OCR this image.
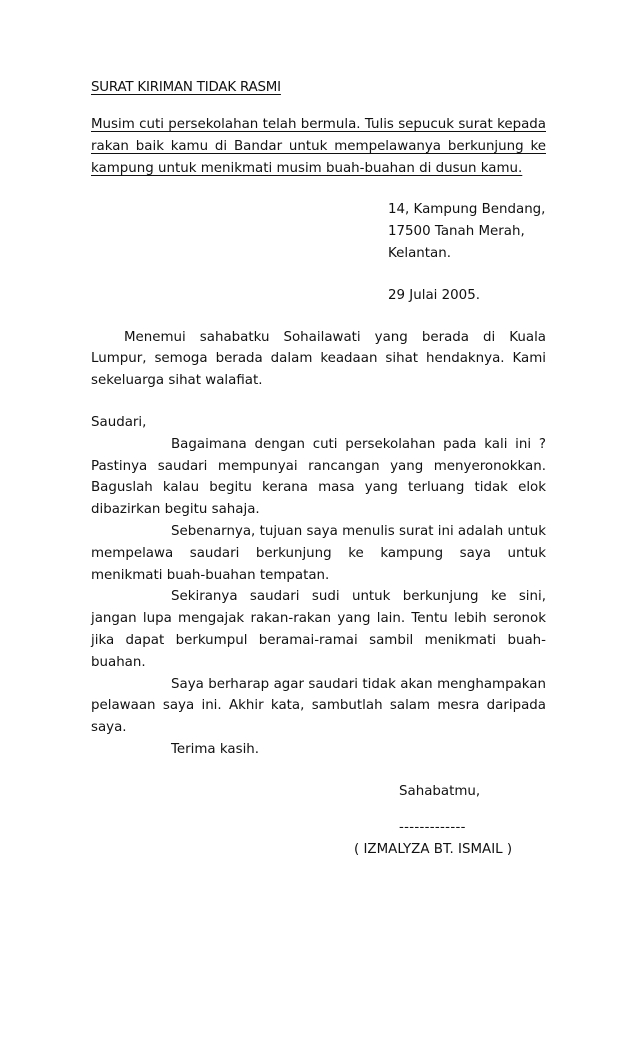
SURAT KIRIMAN TIDAK RASMI

Musim cuti persekolahan telah bermula. Tulis sepucuk surat kepada rakan baik kamu di Bandar untuk mempelawanya berkunjung ke kampung untuk menikmati musim buah-buahan di dusun kamu.

14, Kampung Bendang,
17500 Tanah Merah,
Kelantan.

29 Julai 2005.

Menemui sahabatku Sohailawati yang berada di Kuala Lumpur, semoga berada dalam keadaan sihat hendaknya. Kami sekeluarga sihat walafiat.

Saudari,

Bagaimana dengan cuti persekolahan pada kali ini ? Pastinya saudari mempunyai rancangan yang menyeronokkan. Baguslah kalau begitu kerana masa yang terluang tidak elok dibazirkan begitu sahaja.

Sebenarnya, tujuan saya menulis surat ini adalah untuk mempelawa saudari berkunjung ke kampung saya untuk menikmati buah-buahan tempatan.

Sekiranya saudari sudi untuk berkunjung ke sini, jangan lupa mengajak rakan-rakan yang lain. Tentu lebih seronok jika dapat berkumpul beramai-ramai sambil menikmati buah-buahan.

Saya berharap agar saudari tidak akan menghampakan pelawaan saya ini. Akhir kata, sambutlah salam mesra daripada saya.

Terima kasih.

Sahabatmu,

-------------

( IZMALYZA BT. ISMAIL )
